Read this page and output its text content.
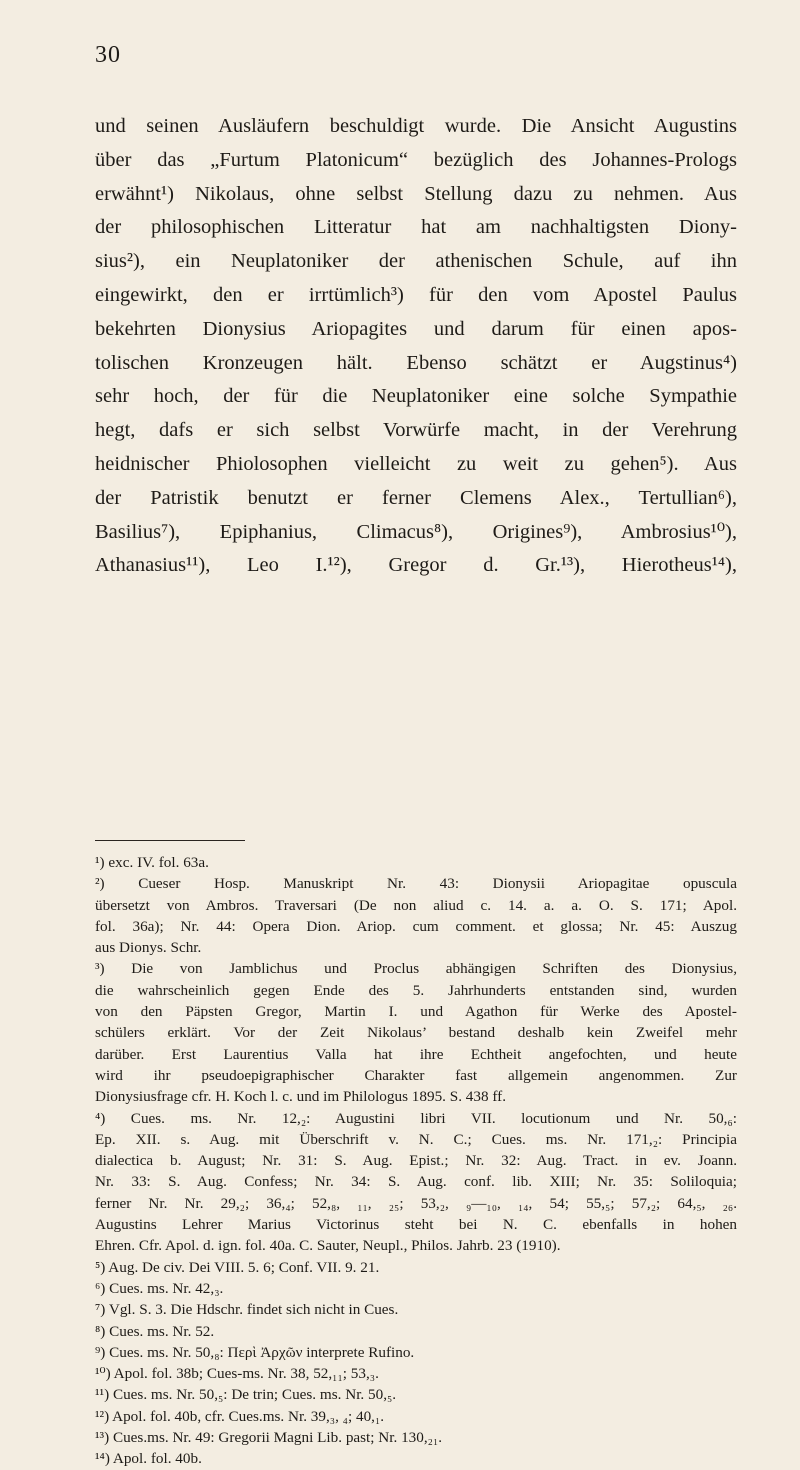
30
und seinen Ausläufern beschuldigt wurde. Die Ansicht Augustins
über das „Furtum Platonicum“ bezüglich des Johannes-Prologs
erwähnt¹) Nikolaus, ohne selbst Stellung dazu zu nehmen. Aus
der philosophischen Litteratur hat am nachhaltigsten Diony-
sius²), ein Neuplatoniker der athenischen Schule, auf ihn
eingewirkt, den er irrtümlich³) für den vom Apostel Paulus
bekehrten Dionysius Ariopagites und darum für einen apos-
tolischen Kronzeugen hält. Ebenso schätzt er Augstinus⁴)
sehr hoch, der für die Neuplatoniker eine solche Sympathie
hegt, dafs er sich selbst Vorwürfe macht, in der Verehrung
heidnischer Phiolosophen vielleicht zu weit zu gehen⁵). Aus
der Patristik benutzt er ferner Clemens Alex., Tertullian⁶),
Basilius⁷), Epiphanius, Climacus⁸), Origines⁹), Ambrosius¹⁰),
Athanasius¹¹), Leo I.¹²), Gregor d. Gr.¹³), Hierotheus¹⁴),
¹) exc. IV. fol. 63a.
²) Cueser Hosp. Manuskript Nr. 43: Dionysii Ariopagitae opuscula
übersetzt von Ambros. Traversari (De non aliud c. 14. a. a. O. S. 171; Apol.
fol. 36a); Nr. 44: Opera Dion. Ariop. cum comment. et glossa; Nr. 45: Auszug
aus Dionys. Schr.
³) Die von Jamblichus und Proclus abhängigen Schriften des Dionysius,
die wahrscheinlich gegen Ende des 5. Jahrhunderts entstanden sind, wurden
von den Päpsten Gregor, Martin I. und Agathon für Werke des Apostel-
schülers erklärt. Vor der Zeit Nikolaus’ bestand deshalb kein Zweifel mehr
darüber. Erst Laurentius Valla hat ihre Echtheit angefochten, und heute
wird ihr pseudoepigraphischer Charakter fast allgemein angenommen. Zur
Dionysiusfrage cfr. H. Koch l. c. und im Philologus 1895. S. 438 ff.
⁴) Cues. ms. Nr. 12,₂: Augustini libri VII. locutionum und Nr. 50,₆:
Ep. XII. s. Aug. mit Überschrift v. N. C.; Cues. ms. Nr. 171,₂: Principia
dialectica b. August; Nr. 31: S. Aug. Epist.; Nr. 32: Aug. Tract. in ev. Joann.
Nr. 33: S. Aug. Confess; Nr. 34: S. Aug. conf. lib. XIII; Nr. 35: Soliloquia;
ferner Nr. Nr. 29,₂; 36,₄; 52,₈, ₁₁, ₂₅; 53,₂, ₉—₁₀, ₁₄, 54; 55,₅; 57,₂; 64,₅, ₂₆.
Augustins Lehrer Marius Victorinus steht bei N. C. ebenfalls in hohen
Ehren. Cfr. Apol. d. ign. fol. 40a. C. Sauter, Neupl., Philos. Jahrb. 23 (1910).
⁵) Aug. De civ. Dei VIII. 5. 6; Conf. VII. 9. 21.
⁶) Cues. ms. Nr. 42,₃.
⁷) Vgl. S. 3. Die Hdschr. findet sich nicht in Cues.
⁸) Cues. ms. Nr. 52.
⁹) Cues. ms. Nr. 50,₈: Περὶ Ἀρχῶν interprete Rufino.
¹⁰) Apol. fol. 38b; Cues-ms. Nr. 38, 52,₁₁; 53,₃.
¹¹) Cues. ms. Nr. 50,₅: De trin; Cues. ms. Nr. 50,₅.
¹²) Apol. fol. 40b, cfr. Cues.ms. Nr. 39,₃, ₄; 40,₁.
¹³) Cues.ms. Nr. 49: Gregorii Magni Lib. past; Nr. 130,₂₁.
¹⁴) Apol. fol. 40b.
